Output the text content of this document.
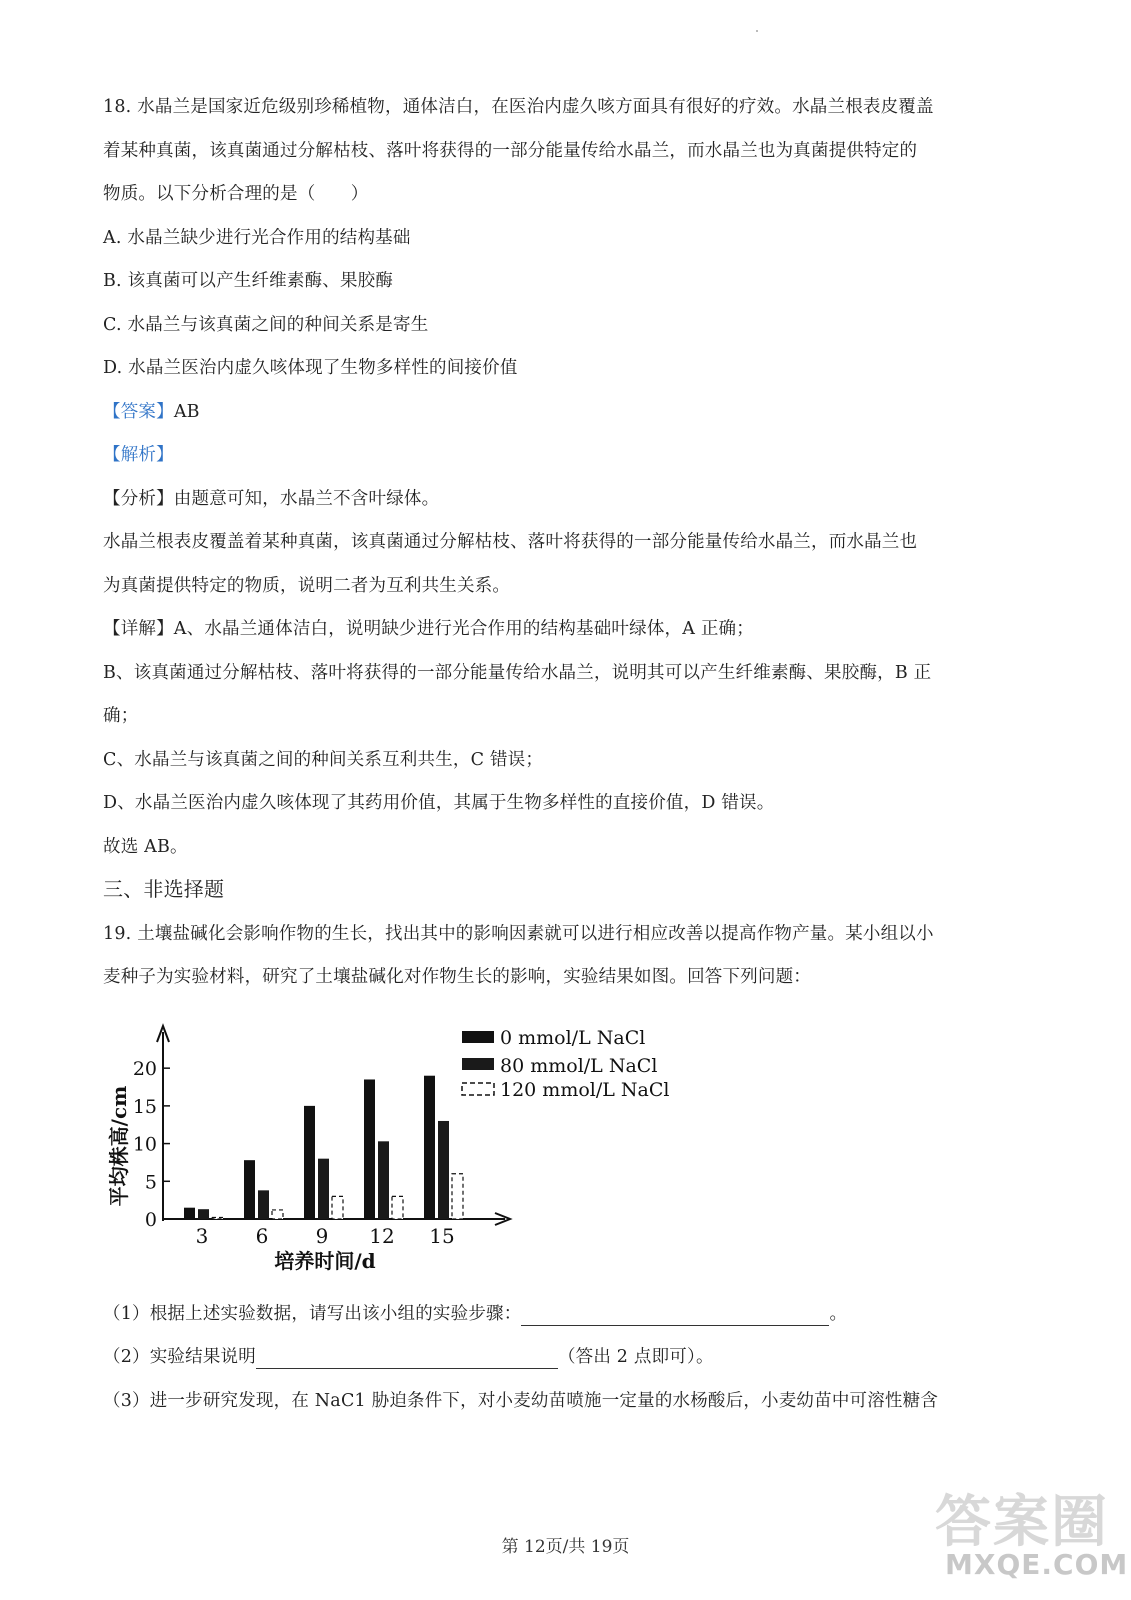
18. 水晶兰是国家近危级别珍稀植物，通体洁白，在医治内虚久咳方面具有很好的疗效。水晶兰根表皮覆盖
着某种真菌，该真菌通过分解枯枝、落叶将获得的一部分能量传给水晶兰，而水晶兰也为真菌提供特定的
物质。以下分析合理的是（　　）
A. 水晶兰缺少进行光合作用的结构基础
B. 该真菌可以产生纤维素酶、果胶酶
C. 水晶兰与该真菌之间的种间关系是寄生
D. 水晶兰医治内虚久咳体现了生物多样性的间接价值
【答案】AB
【解析】
【分析】由题意可知，水晶兰不含叶绿体。
水晶兰根表皮覆盖着某种真菌，该真菌通过分解枯枝、落叶将获得的一部分能量传给水晶兰，而水晶兰也
为真菌提供特定的物质，说明二者为互利共生关系。
【详解】A、水晶兰通体洁白，说明缺少进行光合作用的结构基础叶绿体，A 正确；
B、该真菌通过分解枯枝、落叶将获得的一部分能量传给水晶兰，说明其可以产生纤维素酶、果胶酶，B 正
确；
C、水晶兰与该真菌之间的种间关系互利共生，C 错误；
D、水晶兰医治内虚久咳体现了其药用价值，其属于生物多样性的直接价值，D 错误。
故选 AB。
三、非选择题
19. 土壤盐碱化会影响作物的生长，找出其中的影响因素就可以进行相应改善以提高作物产量。某小组以小
麦种子为实验材料，研究了土壤盐碱化对作物生长的影响，实验结果如图。回答下列问题：
0
5
10
15
20
3 6 9 12 15
平均株高/cm
培养时间/d
0 mmol/L NaCl
80 mmol/L NaCl
120 mmol/L NaCl
（1）根据上述实验数据，请写出该小组的实验步骤：	。
（2）实验结果说明	（答出 2 点即可）。
（3）进一步研究发现，在 NaC1 胁迫条件下，对小麦幼苗喷施一定量的水杨酸后，小麦幼苗中可溶性糖含
第 12页/共 19页	答案圈
MXQE.COM
